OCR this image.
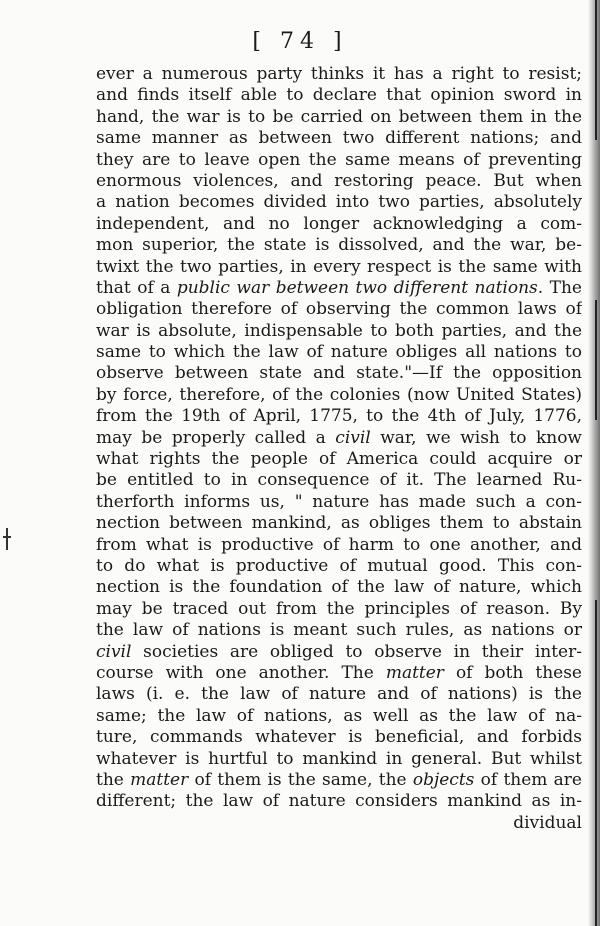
[ 74 ]
ever a numerous party thinks it has a right to resist;
and finds itself able to declare that opinion sword in
hand, the war is to be carried on between them in the
same manner as between two different nations; and
they are to leave open the same means of preventing
enormous violences, and restoring peace. But when
a nation becomes divided into two parties, absolutely
independent, and no longer acknowledging a com-
mon superior, the state is dissolved, and the war, be-
twixt the two parties, in every respect is the same with
that of a public war between two different nations. The
obligation therefore of observing the common laws of
war is absolute, indispensable to both parties, and the
same to which the law of nature obliges all nations to
observe between state and state."—If the opposition
by force, therefore, of the colonies (now United States)
from the 19th of April, 1775, to the 4th of July, 1776,
may be properly called a civil war, we wish to know
what rights the people of America could acquire or
be entitled to in consequence of it. The learned Ru-
therforth informs us, " nature has made such a con-
nection between mankind, as obliges them to abstain
from what is productive of harm to one another, and
to do what is productive of mutual good. This con-
nection is the foundation of the law of nature, which
may be traced out from the principles of reason. By
the law of nations is meant such rules, as nations or
civil societies are obliged to observe in their inter-
course with one another. The matter of both these
laws (i. e. the law of nature and of nations) is the
same; the law of nations, as well as the law of na-
ture, commands whatever is beneficial, and forbids
whatever is hurtful to mankind in general. But whilst
the matter of them is the same, the objects of them are
different; the law of nature considers mankind as in-
dividual
